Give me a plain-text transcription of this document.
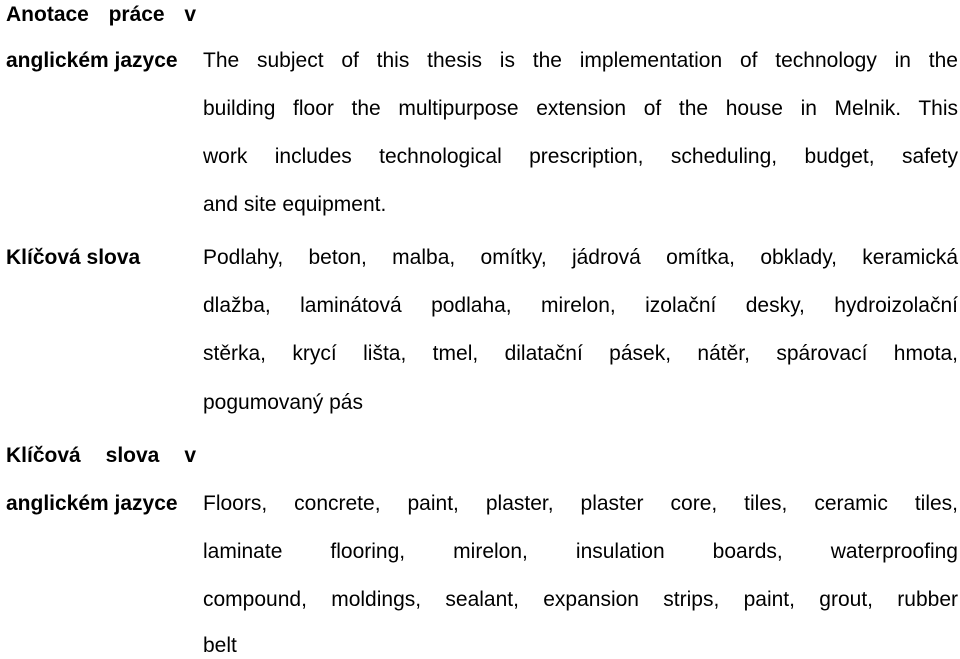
Anotace práce v
anglickém jazyce The subject of this thesis is the implementation of technology in the
building floor the multipurpose extension of the house in Melnik. This
work includes technological prescription, scheduling, budget, safety
and site equipment.
Klíčová slova	Podlahy, beton, malba, omítky, jádrová omítka, obklady, keramická
dlažba, laminátová podlaha, mirelon, izolační desky, hydroizolační
stěrka, krycí lišta, tmel, dilatační pásek, nátěr, spárovací hmota,
pogumovaný pás
Klíčová slova v
anglickém jazyce Floors, concrete, paint, plaster, plaster core, tiles, ceramic tiles,
laminate flooring, mirelon, insulation boards, waterproofing
compound, moldings, sealant, expansion strips, paint, grout, rubber
belt
